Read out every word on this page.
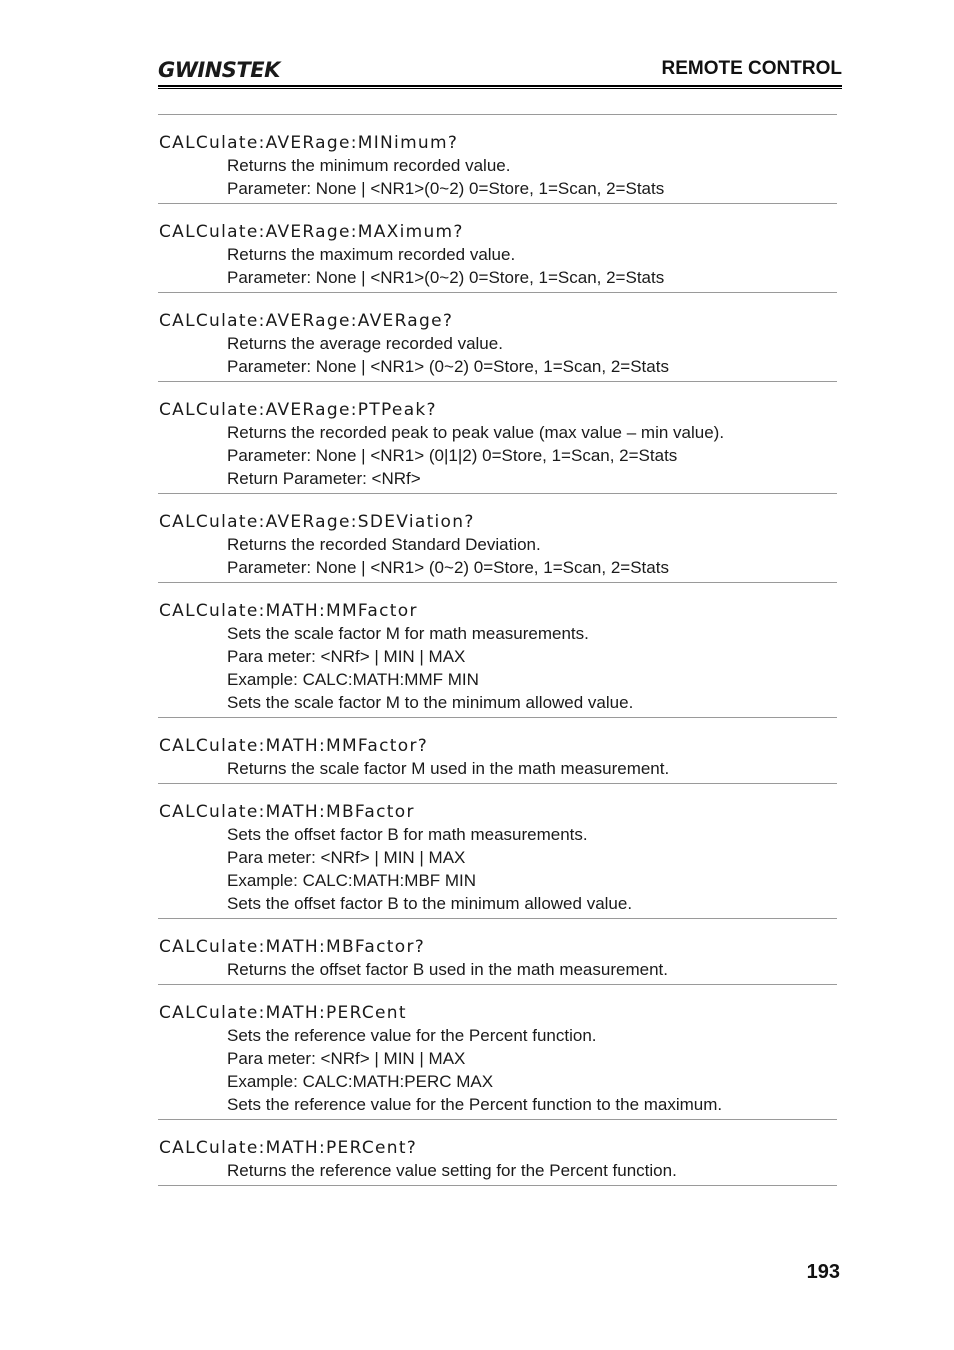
GWINSTEK	REMOTE CONTROL
CALCulate:AVERage:MINimum?
Returns the minimum recorded value.
Parameter: None | <NR1>(0~2) 0=Store, 1=Scan, 2=Stats
CALCulate:AVERage:MAXimum?
Returns the maximum recorded value.
Parameter: None | <NR1>(0~2) 0=Store, 1=Scan, 2=Stats
CALCulate:AVERage:AVERage?
Returns the average recorded value.
Parameter: None | <NR1> (0~2) 0=Store, 1=Scan, 2=Stats
CALCulate:AVERage:PTPeak?
Returns the recorded peak to peak value (max value – min value).
Parameter: None | <NR1> (0|1|2) 0=Store, 1=Scan, 2=Stats
Return Parameter: <NRf>
CALCulate:AVERage:SDEViation?
Returns the recorded Standard Deviation.
Parameter: None | <NR1> (0~2) 0=Store, 1=Scan, 2=Stats
CALCulate:MATH:MMFactor
Sets the scale factor M for math measurements.
Para meter: <NRf> | MIN | MAX
Example: CALC:MATH:MMF MIN
Sets the scale factor M to the minimum allowed value.
CALCulate:MATH:MMFactor?
Returns the scale factor M used in the math measurement.
CALCulate:MATH:MBFactor
Sets the offset factor B for math measurements.
Para meter: <NRf> | MIN | MAX
Example: CALC:MATH:MBF MIN
Sets the offset factor B to the minimum allowed value.
CALCulate:MATH:MBFactor?
Returns the offset factor B used in the math measurement.
CALCulate:MATH:PERCent
Sets the reference value for the Percent function.
Para meter: <NRf> | MIN | MAX
Example: CALC:MATH:PERC MAX
Sets the reference value for the Percent function to the maximum.
CALCulate:MATH:PERCent?
Returns the reference value setting for the Percent function.
193
